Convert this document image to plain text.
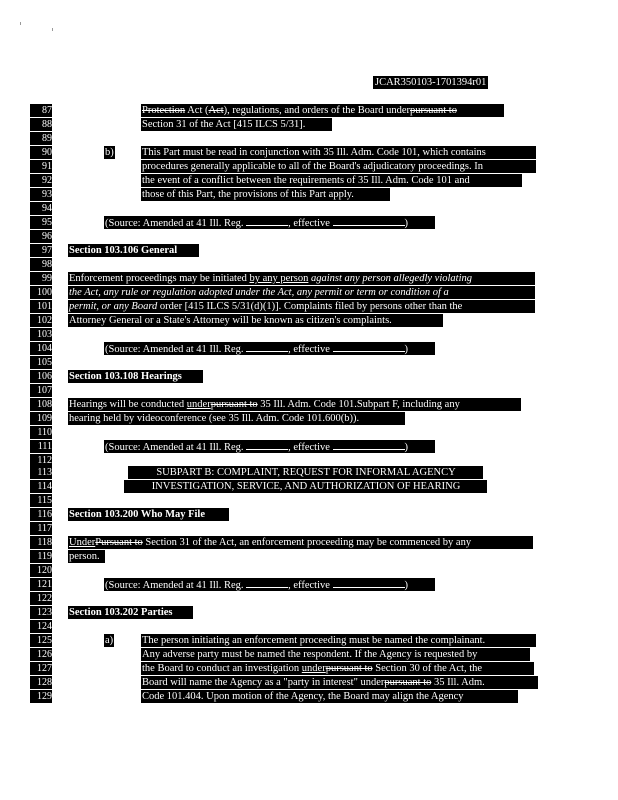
JCAR350103-1701394r01
87	Protection Act (Act), regulations, and orders of the Board underpursuant to
88	Section 31 of the Act [415 ILCS 5/31].
89
90	b)	This Part must be read in conjunction with 35 Ill. Adm. Code 101, which contains
91	procedures generally applicable to all of the Board's adjudicatory proceedings. In
92	the event of a conflict between the requirements of 35 Ill. Adm. Code 101 and
93	those of this Part, the provisions of this Part apply.
94
95	(Source: Amended at 41 Ill. Reg.	, effective	)
96
97 Section 103.106 General
98
99 Enforcement proceedings may be initiated by any person against any person allegedly violating
100 the Act, any rule or regulation adopted under the Act, any permit or term or condition of a
101 permit, or any Board order [415 ILCS 5/31(d)(1)]. Complaints filed by persons other than the
102 Attorney General or a State's Attorney will be known as citizen's complaints.
103
104	(Source: Amended at 41 Ill. Reg.	, effective	)
105
106 Section 103.108 Hearings
107
108 Hearings will be conducted underpursuant to 35 Ill. Adm. Code 101.Subpart F, including any
109 hearing held by videoconference (see 35 Ill. Adm. Code 101.600(b)).
110
111	(Source: Amended at 41 Ill. Reg.	, effective	)
112
113	SUBPART B: COMPLAINT, REQUEST FOR INFORMAL AGENCY
114	INVESTIGATION, SERVICE, AND AUTHORIZATION OF HEARING
115
116 Section 103.200 Who May File
117
118 UnderPursuant to Section 31 of the Act, an enforcement proceeding may be commenced by any
119 person.
120
121	(Source: Amended at 41 Ill. Reg.	, effective	)
122
123 Section 103.202 Parties
124
125	a)	The person initiating an enforcement proceeding must be named the complainant.
126	Any adverse party must be named the respondent. If the Agency is requested by
127	the Board to conduct an investigation underpursuant to Section 30 of the Act, the
128	Board will name the Agency as a "party in interest" underpursuant to 35 Ill. Adm.
129	Code 101.404. Upon motion of the Agency, the Board may align the Agency
